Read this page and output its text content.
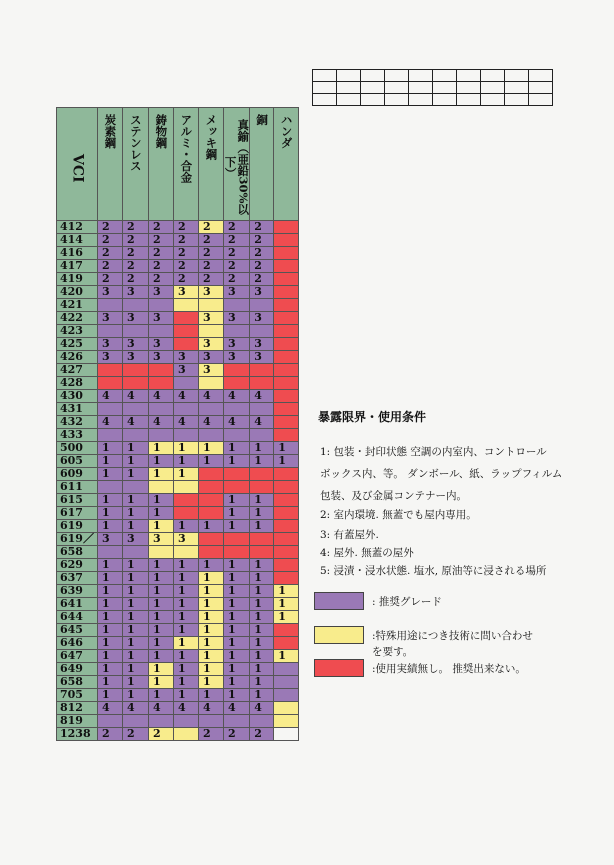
VCI	炭素鋼	ステンレス	鋳物鋼	アルミ・合金	メッキ鋼	真鍮（亜鉛30%以下）	銅	ハンダ

412	2	2	2	2	2	2	2	
414	2	2	2	2	2	2	2	
416	2	2	2	2	2	2	2	
417	2	2	2	2	2	2	2	
419	2	2	2	2	2	2	2	
420	3	3	3	3	3	3	3	
421								
422	3	3	3		3	3	3	
423								
425	3	3	3		3	3	3	
426	3	3	3	3	3	3	3	
427				3	3			
428								
430	4	4	4	4	4	4	4	
431								
432	4	4	4	4	4	4	4	
433								
500	1	1	1	1	1	1	1	1
605	1	1	1	1	1	1	1	1
609	1	1	1	1				
611								
615	1	1	1			1	1	
617	1	1	1			1	1	
619	1	1	1	1	1	1	1	
619／	3	3	3	3				
658								
629	1	1	1	1	1	1	1	
637	1	1	1	1	1	1	1	
639	1	1	1	1	1	1	1	1
641	1	1	1	1	1	1	1	1
644	1	1	1	1	1	1	1	1
645	1	1	1	1	1	1	1	
646	1	1	1	1	1	1	1	
647	1	1	1	1	1	1	1	1
649	1	1	1	1	1	1	1	
658	1	1	1	1	1	1	1	
705	1	1	1	1	1	1	1	
812	4	4	4	4	4	4	4	
819								
1238	2	2	2		2	2	2	
暴露限界・使用条件
1: 包装・封印状態 空調の内室内、コントロール
ボックス内、等。 ダンボール、紙、ラップフィルム
包装、及び金属コンテナー内。
2: 室内環境. 無蓋でも屋内専用。
3: 有蓋屋外.
4: 屋外. 無蓋の屋外
5: 浸漬・浸水状態. 塩水, 原油等に浸される場所
: 推奨グレード
:特殊用途につき技術に問い合わせ
を要す。
:使用実績無し。 推奨出来ない。
